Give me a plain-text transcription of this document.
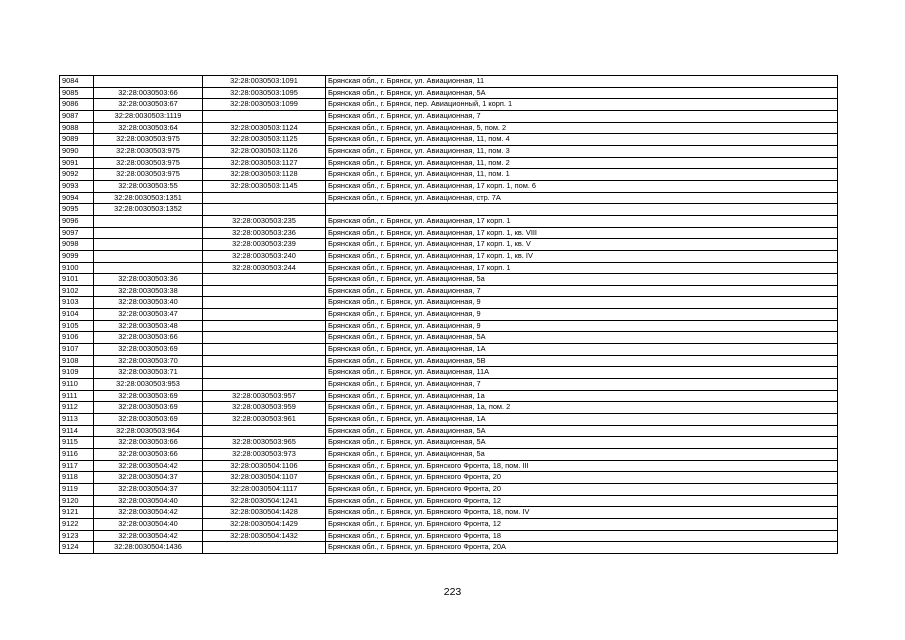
9084		32:28:0030503:1091	Брянская обл., г. Брянск, ул. Авиационная, 11
9085	32:28:0030503:66	32:28:0030503:1095	Брянская обл., г. Брянск, ул. Авиационная, 5А
9086	32:28:0030503:67	32:28:0030503:1099	Брянская обл., г. Брянск, пер. Авиационный, 1 корп. 1
9087	32:28:0030503:1119		Брянская обл., г. Брянск, ул. Авиационная, 7
9088	32:28:0030503:64	32:28:0030503:1124	Брянская обл., г. Брянск, ул. Авиационная, 5, пом. 2
9089	32:28:0030503:975	32:28:0030503:1125	Брянская обл., г. Брянск, ул. Авиационная, 11, пом. 4
9090	32:28:0030503:975	32:28:0030503:1126	Брянская обл., г. Брянск, ул. Авиационная, 11, пом. 3
9091	32:28:0030503:975	32:28:0030503:1127	Брянская обл., г. Брянск, ул. Авиационная, 11, пом. 2
9092	32:28:0030503:975	32:28:0030503:1128	Брянская обл., г. Брянск, ул. Авиационная, 11, пом. 1
9093	32:28:0030503:55	32:28:0030503:1145	Брянская обл., г. Брянск, ул. Авиационная, 17 корп. 1, пом. 6
9094	32:28:0030503:1351		Брянская обл., г. Брянск, ул. Авиационная, стр. 7А
9095	32:28:0030503:1352		
9096		32:28:0030503:235	Брянская обл., г. Брянск, ул. Авиационная, 17 корп. 1
9097		32:28:0030503:236	Брянская обл., г. Брянск, ул. Авиационная, 17 корп. 1, кв. VIII
9098		32:28:0030503:239	Брянская обл., г. Брянск, ул. Авиационная, 17 корп. 1, кв. V
9099		32:28:0030503:240	Брянская обл., г. Брянск, ул. Авиационная, 17 корп. 1, кв. IV
9100		32:28:0030503:244	Брянская обл., г. Брянск, ул. Авиационная, 17 корп. 1
9101	32:28:0030503:36		Брянская обл., г. Брянск, ул. Авиационная, 5а
9102	32:28:0030503:38		Брянская обл., г. Брянск, ул. Авиационная, 7
9103	32:28:0030503:40		Брянская обл., г. Брянск, ул. Авиационная, 9
9104	32:28:0030503:47		Брянская обл., г. Брянск, ул. Авиационная, 9
9105	32:28:0030503:48		Брянская обл., г. Брянск, ул. Авиационная, 9
9106	32:28:0030503:66		Брянская обл., г. Брянск, ул. Авиационная, 5А
9107	32:28:0030503:69		Брянская обл., г. Брянск, ул. Авиационная, 1А
9108	32:28:0030503:70		Брянская обл., г. Брянск, ул. Авиационная, 5В
9109	32:28:0030503:71		Брянская обл., г. Брянск, ул. Авиационная, 11А
9110	32:28:0030503:953		Брянская обл., г. Брянск, ул. Авиационная, 7
9111	32:28:0030503:69	32:28:0030503:957	Брянская обл., г. Брянск, ул. Авиационная, 1а
9112	32:28:0030503:69	32:28:0030503:959	Брянская обл., г. Брянск, ул. Авиационная, 1а, пом. 2
9113	32:28:0030503:69	32:28:0030503:961	Брянская обл., г. Брянск, ул. Авиационная, 1А
9114	32:28:0030503:964		Брянская обл., г. Брянск, ул. Авиационная, 5А
9115	32:28:0030503:66	32:28:0030503:965	Брянская обл., г. Брянск, ул. Авиационная, 5А
9116	32:28:0030503:66	32:28:0030503:973	Брянская обл., г. Брянск, ул. Авиационная, 5а
9117	32:28:0030504:42	32:28:0030504:1106	Брянская обл., г. Брянск, ул. Брянского Фронта, 18, пом. III
9118	32:28:0030504:37	32:28:0030504:1107	Брянская обл., г. Брянск, ул. Брянского Фронта, 20
9119	32:28:0030504:37	32:28:0030504:1117	Брянская обл., г. Брянск, ул. Брянского Фронта, 20
9120	32:28:0030504:40	32:28:0030504:1241	Брянская обл., г. Брянск, ул. Брянского Фронта, 12
9121	32:28:0030504:42	32:28:0030504:1428	Брянская обл., г. Брянск, ул. Брянского Фронта, 18, пом. IV
9122	32:28:0030504:40	32:28:0030504:1429	Брянская обл., г. Брянск, ул. Брянского Фронта, 12
9123	32:28:0030504:42	32:28:0030504:1432	Брянская обл., г. Брянск, ул. Брянского Фронта, 18
9124	32:28:0030504:1436		Брянская обл., г. Брянск, ул. Брянского Фронта, 20А
223
